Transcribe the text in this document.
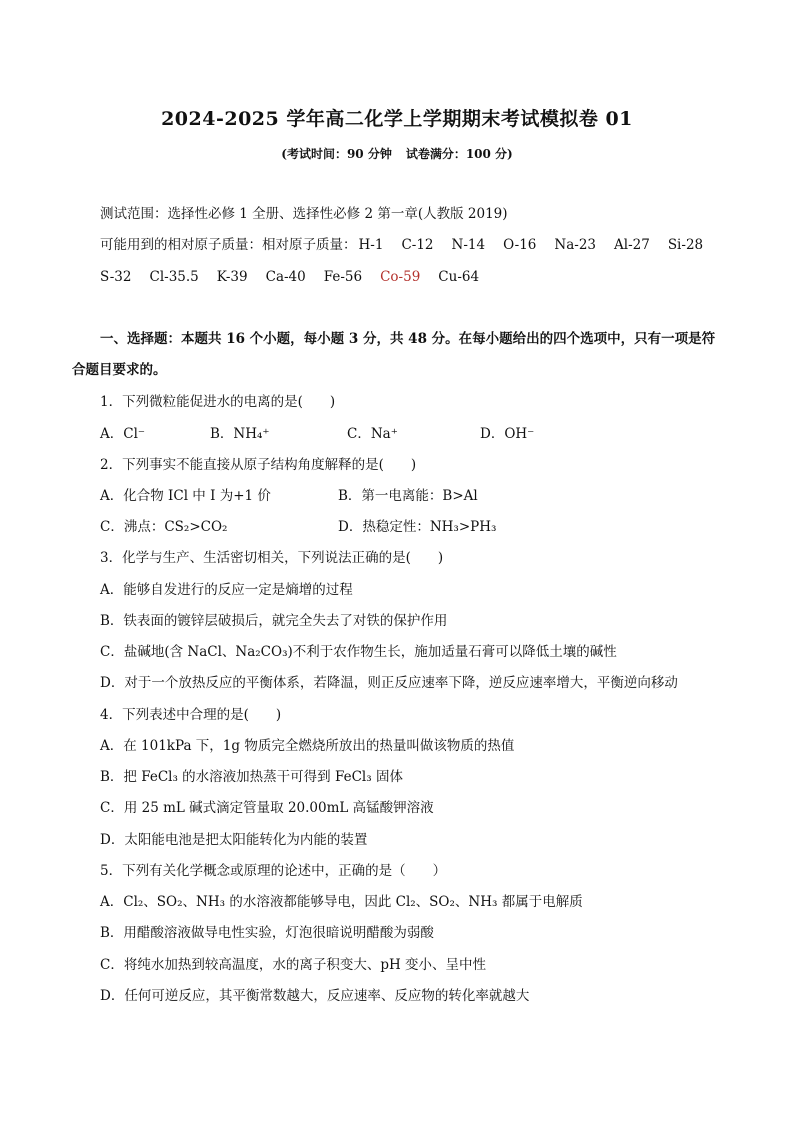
2024-2025 学年高二化学上学期期末考试模拟卷 01
(考试时间：90 分钟 试卷满分：100 分)
测试范围：选择性必修 1 全册、选择性必修 2 第一章(人教版 2019)
可能用到的相对原子质量：相对原子质量： H-1 C-12 N-14 O-16 Na-23 Al-27 Si-28
S-32 Cl-35.5 K-39 Ca-40 Fe-56 Co-59 Cu-64
一、选择题：本题共 16 个小题，每小题 3 分，共 48 分。在每小题给出的四个选项中，只有一项是符
合题目要求的。
1．下列微粒能促进水的电离的是(　　)
A．Cl⁻	B．NH₄⁺	C．Na⁺	D．OH⁻
2．下列事实不能直接从原子结构角度解释的是(　　)
A．化合物 ICl 中 I 为+1 价	B．第一电离能：B>Al
C．沸点：CS₂>CO₂	D．热稳定性：NH₃>PH₃
3．化学与生产、生活密切相关，下列说法正确的是(　　)
A．能够自发进行的反应一定是熵增的过程
B．铁表面的镀锌层破损后，就完全失去了对铁的保护作用
C．盐碱地(含 NaCl、Na₂CO₃)不利于农作物生长，施加适量石膏可以降低土壤的碱性
D．对于一个放热反应的平衡体系，若降温，则正反应速率下降，逆反应速率增大，平衡逆向移动
4．下列表述中合理的是(　　)
A．在 101kPa 下，1g 物质完全燃烧所放出的热量叫做该物质的热值
B．把 FeCl₃ 的水溶液加热蒸干可得到 FeCl₃ 固体
C．用 25 mL 碱式滴定管量取 20.00mL 高锰酸钾溶液
D．太阳能电池是把太阳能转化为内能的装置
5．下列有关化学概念或原理的论述中，正确的是（　　）
A．Cl₂、SO₂、NH₃ 的水溶液都能够导电，因此 Cl₂、SO₂、NH₃ 都属于电解质
B．用醋酸溶液做导电性实验，灯泡很暗说明醋酸为弱酸
C．将纯水加热到较高温度，水的离子积变大、pH 变小、呈中性
D．任何可逆反应，其平衡常数越大，反应速率、反应物的转化率就越大
